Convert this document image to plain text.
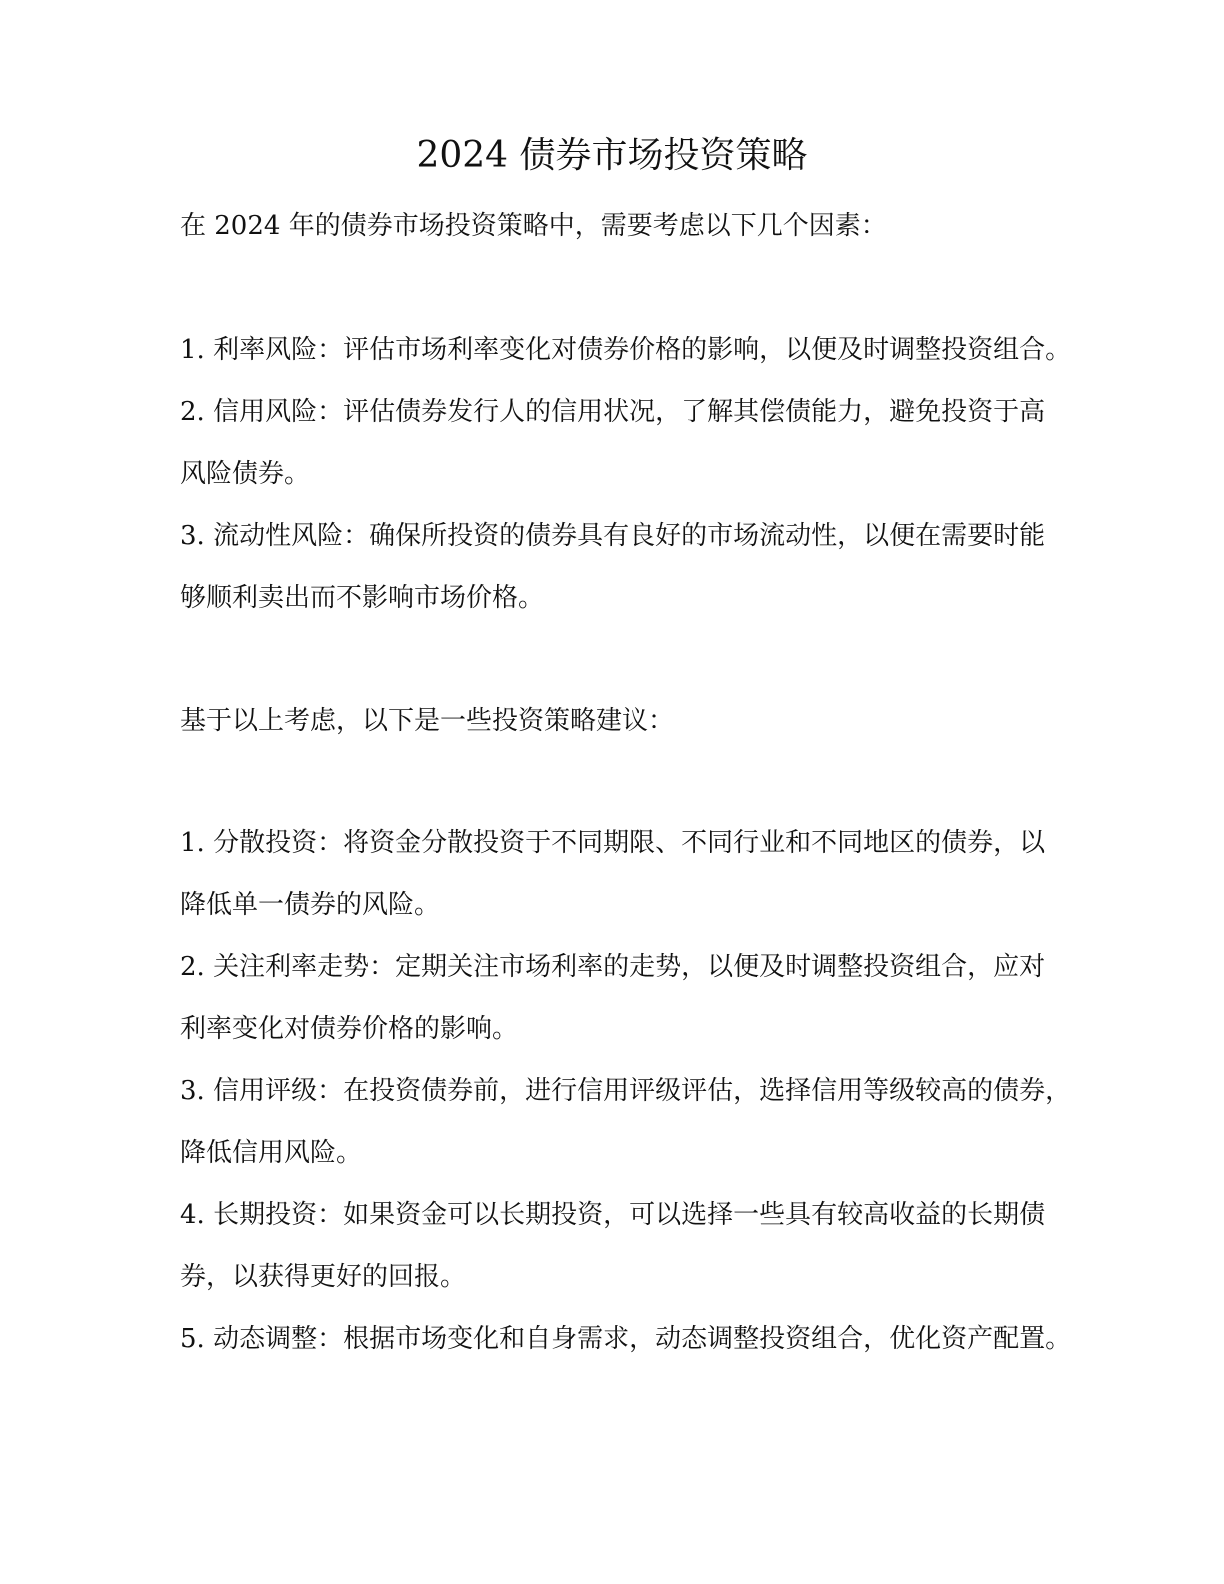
2024 债券市场投资策略
在 2024 年的债券市场投资策略中，需要考虑以下几个因素：
1. 利率风险：评估市场利率变化对债券价格的影响，以便及时调整投资组合。
2. 信用风险：评估债券发行人的信用状况，了解其偿债能力，避免投资于高
风险债券。
3. 流动性风险：确保所投资的债券具有良好的市场流动性，以便在需要时能
够顺利卖出而不影响市场价格。
基于以上考虑，以下是一些投资策略建议：
1. 分散投资：将资金分散投资于不同期限、不同行业和不同地区的债券，以
降低单一债券的风险。
2. 关注利率走势：定期关注市场利率的走势，以便及时调整投资组合，应对
利率变化对债券价格的影响。
3. 信用评级：在投资债券前，进行信用评级评估，选择信用等级较高的债券，
降低信用风险。
4. 长期投资：如果资金可以长期投资，可以选择一些具有较高收益的长期债
券，以获得更好的回报。
5. 动态调整：根据市场变化和自身需求，动态调整投资组合，优化资产配置。
